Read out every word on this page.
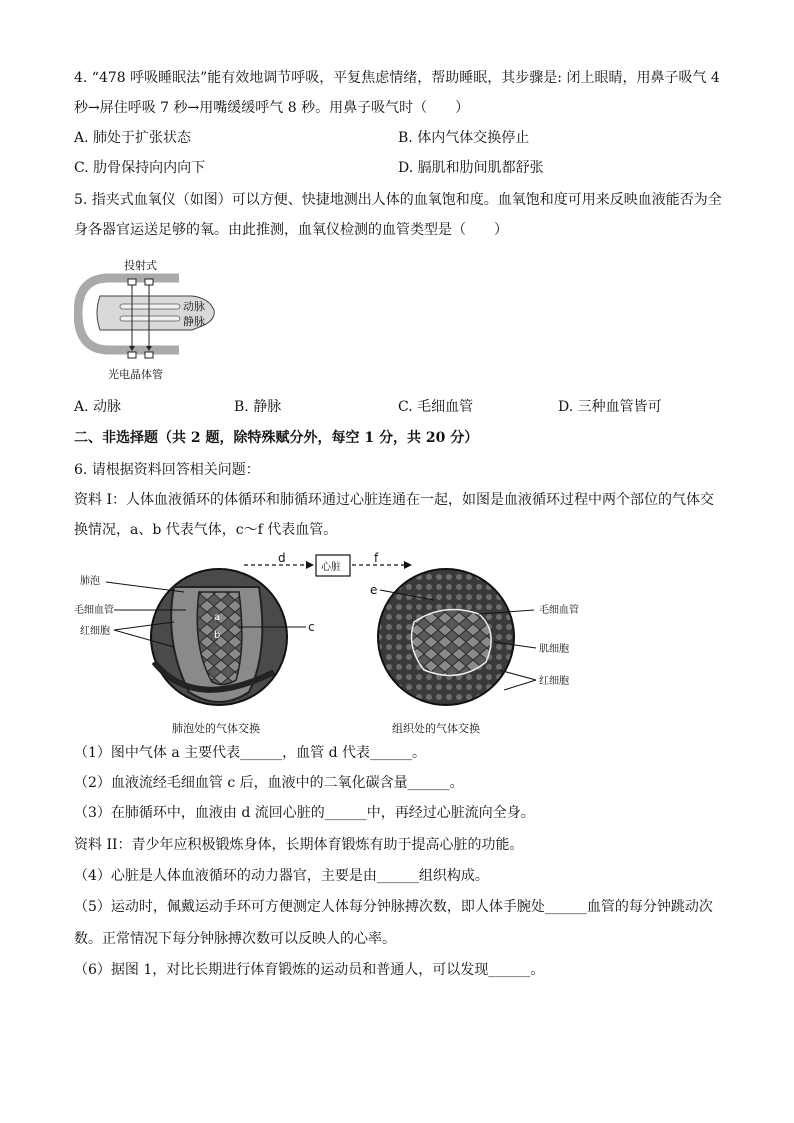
4. “478 呼吸睡眠法”能有效地调节呼吸，平复焦虑情绪，帮助睡眠，其步骤是: 闭上眼睛，用鼻子吸气 4
秒→屏住呼吸 7 秒→用嘴缓缓呼气 8 秒。用鼻子吸气时（　　）
A. 肺处于扩张状态	B. 体内气体交换停止
C. 肋骨保持向内向下	D. 膈肌和肋间肌都舒张
5. 指夹式血氧仪（如图）可以方便、快捷地测出人体的血氧饱和度。血氧饱和度可用来反映血液能否为全
身各器官运送足够的氧。由此推测，血氧仪检测的血管类型是（　　）
投射式
动脉
静脉
光电晶体管
A. 动脉	B. 静脉	C. 毛细血管	D. 三种血管皆可
二、非选择题（共 2 题，除特殊赋分外，每空 1 分，共 20 分）
6. 请根据资料回答相关问题：
资料 I：人体血液循环的体循环和肺循环通过心脏连通在一起，如图是血液循环过程中两个部位的气体交
换情况，a、b 代表气体，c～f 代表血管。
a
b
肺泡
毛细血管
红细胞	c
d
心脏
f
e
毛细血管
肌细胞
红细胞
肺泡处的气体交换	组织处的气体交换
（1）图中气体 a 主要代表______，血管 d 代表______。
（2）血液流经毛细血管 c 后，血液中的二氧化碳含量______。
（3）在肺循环中，血液由 d 流回心脏的______中，再经过心脏流向全身。
资料 II：青少年应积极锻炼身体，长期体育锻炼有助于提高心脏的功能。
（4）心脏是人体血液循环的动力器官，主要是由______组织构成。
（5）运动时，佩戴运动手环可方便测定人体每分钟脉搏次数，即人体手腕处______血管的每分钟跳动次
数。正常情况下每分钟脉搏次数可以反映人的心率。
（6）据图 1，对比长期进行体育锻炼的运动员和普通人，可以发现______。
